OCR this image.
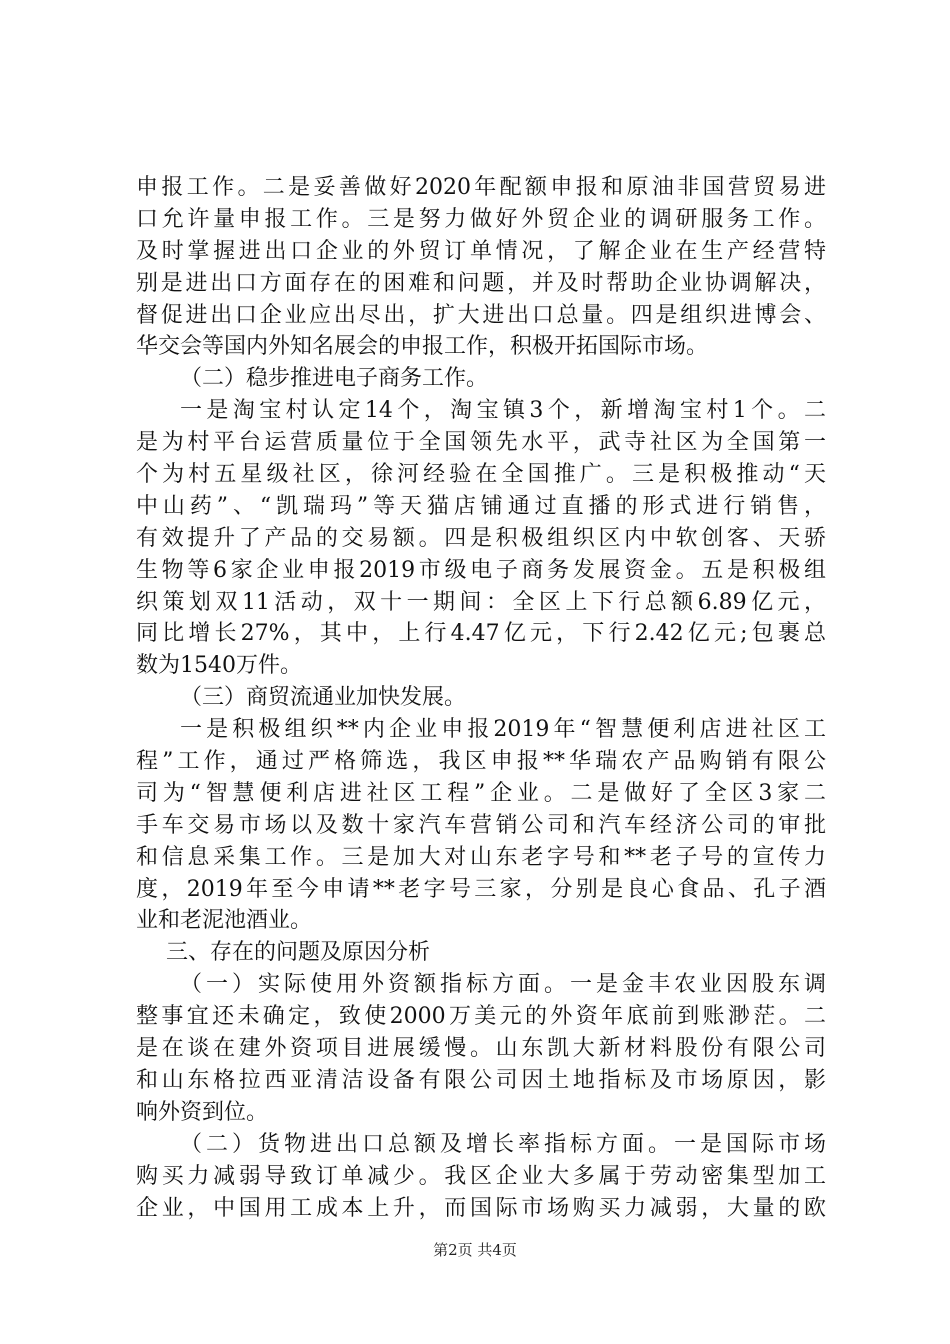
申报工作。二是妥善做好2020年配额申报和原油非国营贸易进
口允许量申报工作。三是努力做好外贸企业的调研服务工作。
及时掌握进出口企业的外贸订单情况，了解企业在生产经营特
别是进出口方面存在的困难和问题，并及时帮助企业协调解决，
督促进出口企业应出尽出，扩大进出口总量。四是组织进博会、
华交会等国内外知名展会的申报工作，积极开拓国际市场。
（二）稳步推进电子商务工作。
一是淘宝村认定14个，淘宝镇3个，新增淘宝村1个。二
是为村平台运营质量位于全国领先水平，武寺社区为全国第一
个为村五星级社区，徐河经验在全国推广。三是积极推动“天
中山药”、“凯瑞玛”等天猫店铺通过直播的形式进行销售，
有效提升了产品的交易额。四是积极组织区内中软创客、天骄
生物等6家企业申报2019市级电子商务发展资金。五是积极组
织策划双11活动，双十一期间：全区上下行总额6.89亿元，
同比增长27%，其中，上行4.47亿元，下行2.42亿元;包裹总
数为1540万件。
（三）商贸流通业加快发展。
一是积极组织**内企业申报2019年“智慧便利店进社区工
程”工作，通过严格筛选，我区申报**华瑞农产品购销有限公
司为“智慧便利店进社区工程”企业。二是做好了全区3家二
手车交易市场以及数十家汽车营销公司和汽车经济公司的审批
和信息采集工作。三是加大对山东老字号和**老子号的宣传力
度，2019年至今申请**老字号三家，分别是良心食品、孔子酒
业和老泥池酒业。
三、存在的问题及原因分析
（一）实际使用外资额指标方面。一是金丰农业因股东调
整事宜还未确定，致使2000万美元的外资年底前到账渺茫。二
是在谈在建外资项目进展缓慢。山东凯大新材料股份有限公司
和山东格拉西亚清洁设备有限公司因土地指标及市场原因，影
响外资到位。
（二）货物进出口总额及增长率指标方面。一是国际市场
购买力减弱导致订单减少。我区企业大多属于劳动密集型加工
企业，中国用工成本上升，而国际市场购买力减弱，大量的欧
第2页 共4页
